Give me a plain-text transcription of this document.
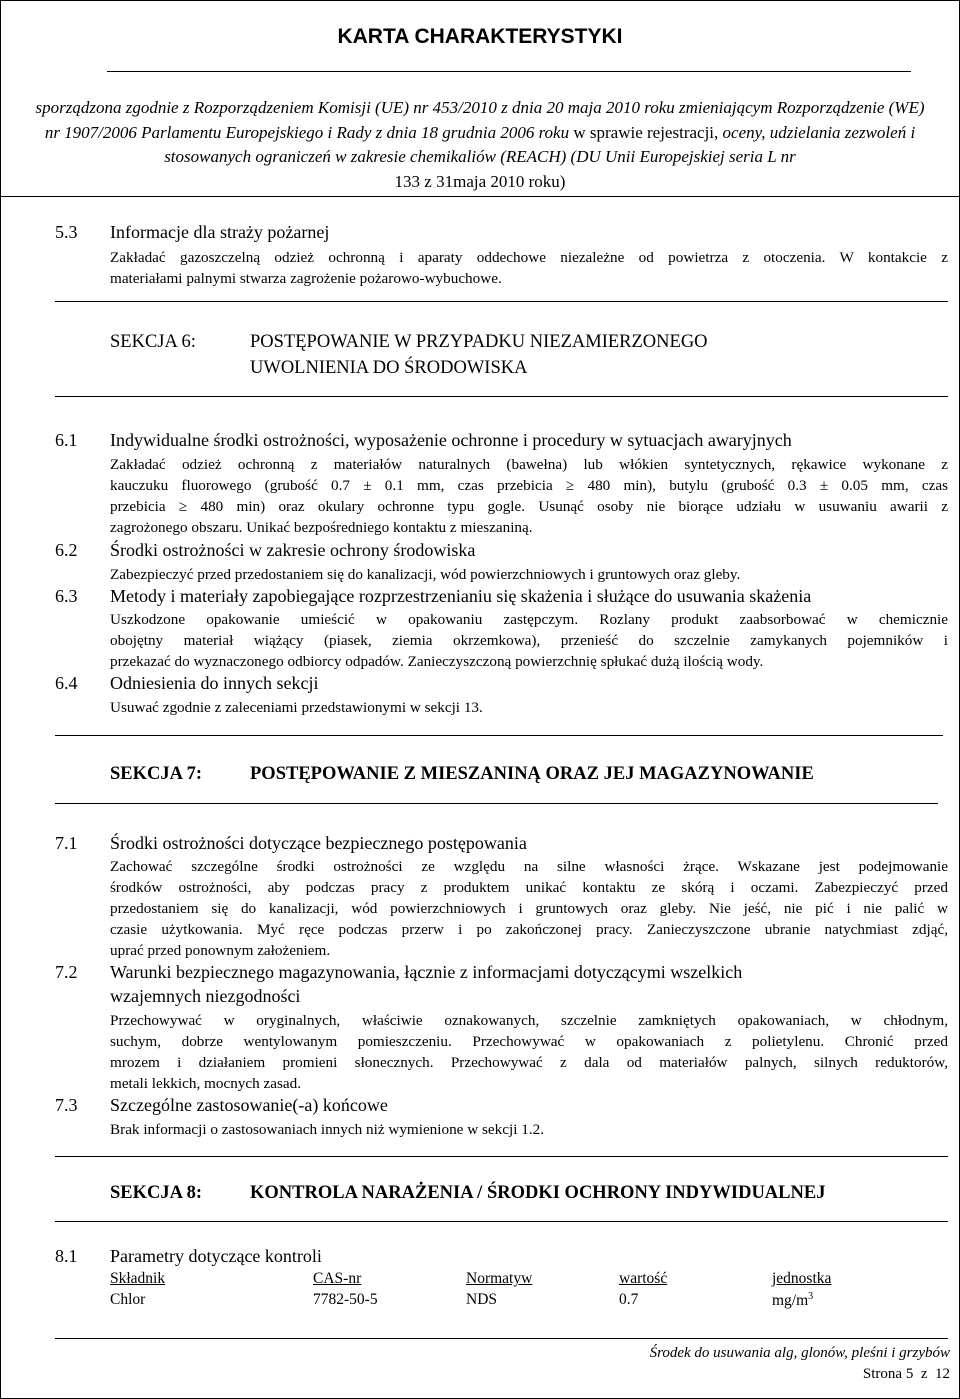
KARTA CHARAKTERYSTYKI
sporządzona zgodnie z Rozporządzeniem Komisji (UE) nr 453/2010 z dnia 20 maja 2010 roku zmieniającym Rozporządzenie (WE) nr 1907/2006 Parlamentu Europejskiego i Rady z dnia 18 grudnia 2006 roku w sprawie rejestracji, oceny, udzielania zezwoleń i stosowanych ograniczeń w zakresie chemikaliów (REACH) (DU Unii Europejskiej seria L nr
133 z 31maja 2010 roku)
5.3 Informacje dla straży pożarnej
Zakładać gazoszczelną odzież ochronną i aparaty oddechowe niezależne od powietrza z otoczenia. W kontakcie z
materiałami palnymi stwarza zagrożenie pożarowo-wybuchowe.
SEKCJA 6:	POSTĘPOWANIE W PRZYPADKU NIEZAMIERZONEGO
UWOLNIENIA DO ŚRODOWISKA
6.1 Indywidualne środki ostrożności, wyposażenie ochronne i procedury w sytuacjach awaryjnych
Zakładać odzież ochronną z materiałów naturalnych (bawełna) lub włókien syntetycznych, rękawice wykonane z
kauczuku fluorowego (grubość 0.7 ± 0.1 mm, czas przebicia ≥ 480 min), butylu (grubość 0.3 ± 0.05 mm, czas
przebicia ≥ 480 min) oraz okulary ochronne typu gogle. Usunąć osoby nie biorące udziału w usuwaniu awarii z
zagrożonego obszaru. Unikać bezpośredniego kontaktu z mieszaniną.
6.2 Środki ostrożności w zakresie ochrony środowiska
Zabezpieczyć przed przedostaniem się do kanalizacji, wód powierzchniowych i gruntowych oraz gleby.
6.3 Metody i materiały zapobiegające rozprzestrzenianiu się skażenia i służące do usuwania skażenia
Uszkodzone opakowanie umieścić w opakowaniu zastępczym. Rozlany produkt zaabsorbować w chemicznie
obojętny materiał wiążący (piasek, ziemia okrzemkowa), przenieść do szczelnie zamykanych pojemników i
przekazać do wyznaczonego odbiorcy odpadów. Zanieczyszczoną powierzchnię spłukać dużą ilością wody.
6.4 Odniesienia do innych sekcji
Usuwać zgodnie z zaleceniami przedstawionymi w sekcji 13.
SEKCJA 7:	POSTĘPOWANIE Z MIESZANINĄ ORAZ JEJ MAGAZYNOWANIE
7.1 Środki ostrożności dotyczące bezpiecznego postępowania
Zachować szczególne środki ostrożności ze względu na silne własności żrące. Wskazane jest podejmowanie
środków ostrożności, aby podczas pracy z produktem unikać kontaktu ze skórą i oczami. Zabezpieczyć przed
przedostaniem się do kanalizacji, wód powierzchniowych i gruntowych oraz gleby. Nie jeść, nie pić i nie palić w
czasie użytkowania. Myć ręce podczas przerw i po zakończonej pracy. Zanieczyszczone ubranie natychmiast zdjąć,
uprać przed ponownym założeniem.
7.2 Warunki bezpiecznego magazynowania, łącznie z informacjami dotyczącymi wszelkich
wzajemnych niezgodności
Przechowywać w oryginalnych, właściwie oznakowanych, szczelnie zamkniętych opakowaniach, w chłodnym,
suchym, dobrze wentylowanym pomieszczeniu. Przechowywać w opakowaniach z polietylenu. Chronić przed
mrozem i działaniem promieni słonecznych. Przechowywać z dala od materiałów palnych, silnych reduktorów,
metali lekkich, mocnych zasad.
7.3 Szczególne zastosowanie(-a) końcowe
Brak informacji o zastosowaniach innych niż wymienione w sekcji 1.2.
SEKCJA 8:	KONTROLA NARAŻENIA / ŚRODKI OCHRONY INDYWIDUALNEJ
8.1 Parametry dotyczące kontroli
Składnik	CAS-nr	Normatyw	wartość	jednostka
Chlor	7782-50-5	NDS	0.7	$mg/m^3$
Środek do usuwania alg, glonów, pleśni i grzybów
Strona 5  z  12
